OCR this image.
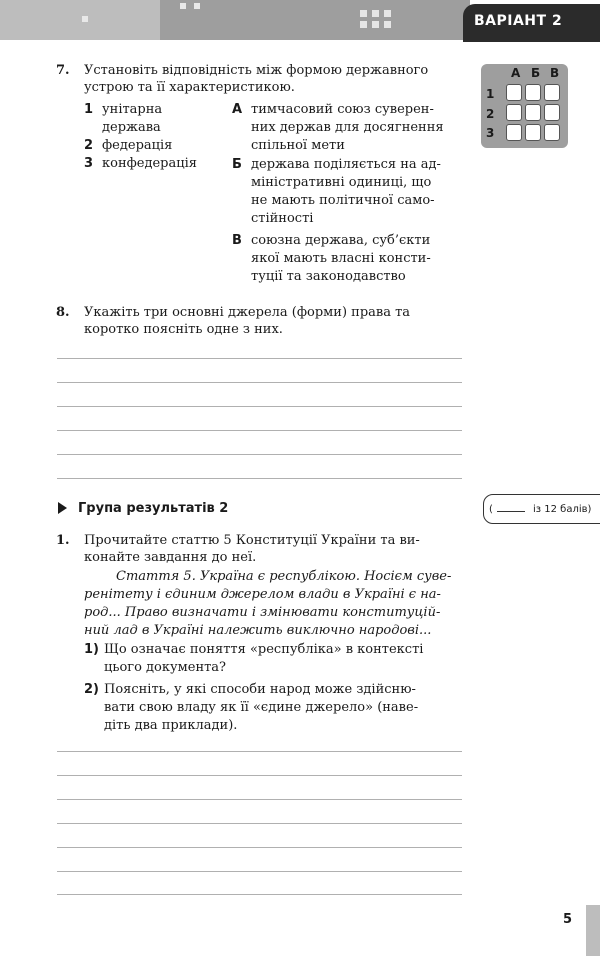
ВАРІАНТ 2
7. Установіть відповідність між формою державного
устрою та її характеристикою.
1 унітарна
держава
2 федерація
3 конфедерація
А тимчасовий союз суверен-
них держав для досягнення
спільної мети
Б держава поділяється на ад-
міністративні одиниці, що
не мають політичної само-
стійності
В союзна держава, суб’єкти
якої мають власні консти-
туції та законодавство
А Б В
1
2
3
8. Укажіть три основні джерела (форми) права та
коротко поясніть одне з них.
Група результатів 2	(	із 12 балів)
1. Прочитайте статтю 5 Конституції України та ви-
конайте завдання до неї.
Стаття 5. Україна є республікою. Носієм суве-
ренітету і єдиним джерелом влади в Україні є на-
род... Право визначати і змінювати конституцій-
ний лад в Україні належить виключно народові...
1) Що означає поняття «республіка» в контексті
цього документа?
2) Поясніть, у які способи народ може здійсню-
вати свою владу як її «єдине джерело» (наве-
діть два приклади).
5
